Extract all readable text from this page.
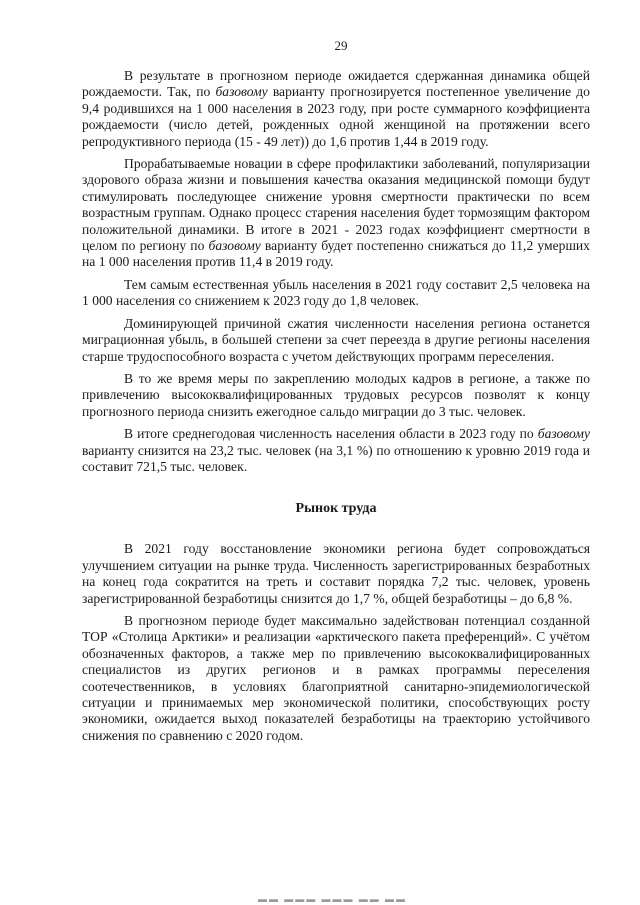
29

В результате в прогнозном периоде ожидается сдержанная динамика общей рождаемости. Так, по базовому варианту прогнозируется постепенное увеличение до 9,4 родившихся на 1 000 населения в 2023 году, при росте суммарного коэффициента рождаемости (число детей, рожденных одной женщиной на протяжении всего репродуктивного периода (15 - 49 лет)) до 1,6 против 1,44 в 2019 году.

Прорабатываемые новации в сфере профилактики заболеваний, популяризации здорового образа жизни и повышения качества оказания медицинской помощи будут стимулировать последующее снижение уровня смертности практически по всем возрастным группам. Однако процесс старения населения будет тормозящим фактором положительной динамики. В итоге в 2021 - 2023 годах коэффициент смертности в целом по региону по базовому варианту будет постепенно снижаться до 11,2 умерших на 1 000 населения против 11,4 в 2019 году.

Тем самым естественная убыль населения в 2021 году составит 2,5 человека на 1 000 населения со снижением к 2023 году до 1,8 человек.

Доминирующей причиной сжатия численности населения региона останется миграционная убыль, в большей степени за счет переезда в другие регионы населения старше трудоспособного возраста с учетом действующих программ переселения.

В то же время меры по закреплению молодых кадров в регионе, а также по привлечению высококвалифицированных трудовых ресурсов позволят к концу прогнозного периода снизить ежегодное сальдо миграции до 3 тыс. человек.

В итоге среднегодовая численность населения области в 2023 году по базовому варианту снизится на 23,2 тыс. человек (на 3,1 %) по отношению к уровню 2019 года и составит 721,5 тыс. человек.

Рынок труда

В 2021 году восстановление экономики региона будет сопровождаться улучшением ситуации на рынке труда. Численность зарегистрированных безработных на конец года сократится на треть и составит порядка 7,2 тыс. человек, уровень зарегистрированной безработицы снизится до 1,7 %, общей безработицы – до 6,8 %.

В прогнозном периоде будет максимально задействован потенциал созданной ТОР «Столица Арктики» и реализации «арктического пакета преференций». С учётом обозначенных факторов, а также мер по привлечению высококвалифицированных специалистов из других регионов и в рамках программы переселения соотечественников, в условиях благоприятной санитарно-эпидемиологической ситуации и принимаемых мер экономической политики, способствующих росту экономики, ожидается выход показателей безработицы на траекторию устойчивого снижения по сравнению с 2020 годом.

▬▬ ▬▬▬ ▬▬▬ ▬▬ ▬▬
